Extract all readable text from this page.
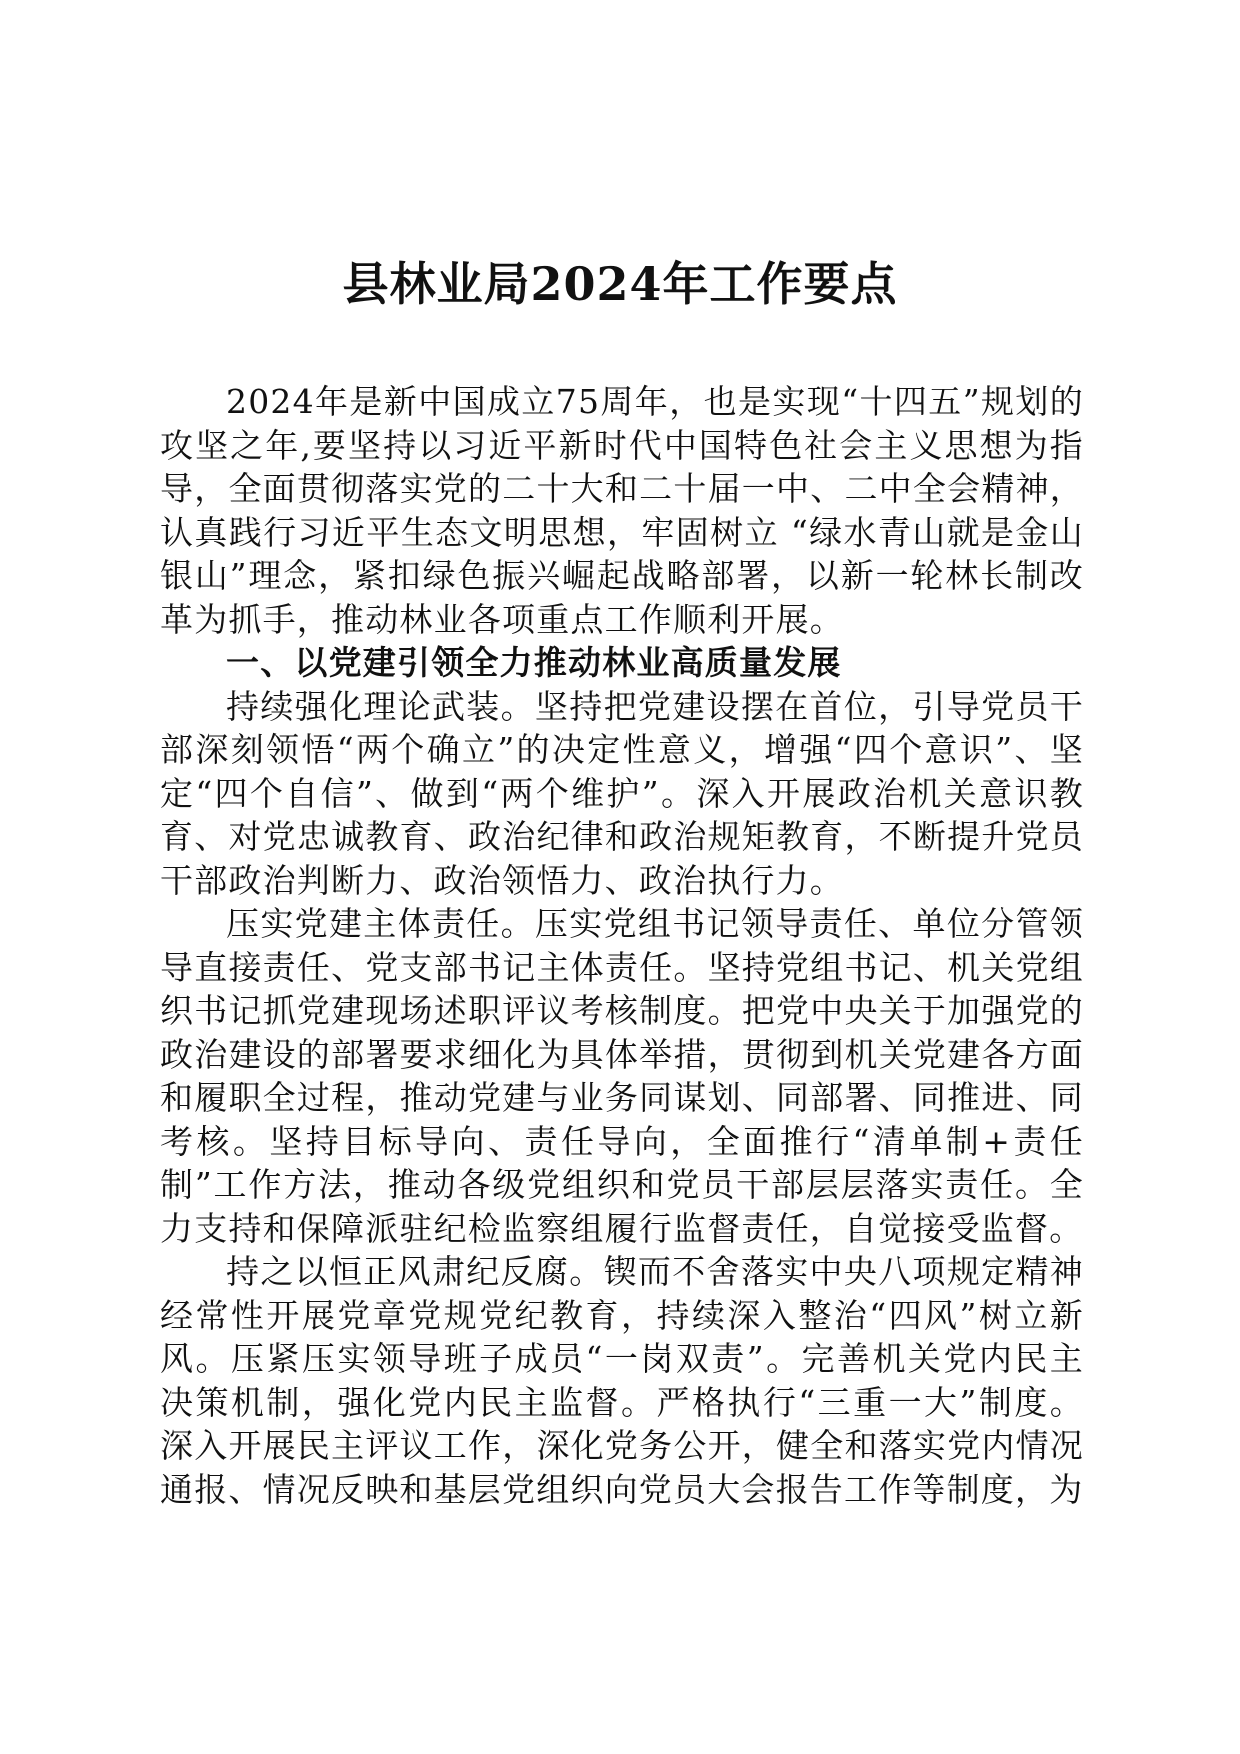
县林业局2024年工作要点

2024年是新中国成立75周年，也是实现“十四五”规划的攻坚之年,要坚持以习近平新时代中国特色社会主义思想为指导，全面贯彻落实党的二十大和二十届一中、二中全会精神，认真践行习近平生态文明思想，牢固树立 “绿水青山就是金山银山”理念，紧扣绿色振兴崛起战略部署，以新一轮林长制改革为抓手，推动林业各项重点工作顺利开展。

一、以党建引领全力推动林业高质量发展

持续强化理论武装。坚持把党建设摆在首位，引导党员干部深刻领悟“两个确立”的决定性意义，增强“四个意识”、坚定“四个自信”、做到“两个维护”。深入开展政治机关意识教育、对党忠诚教育、政治纪律和政治规矩教育，不断提升党员干部政治判断力、政治领悟力、政治执行力。

压实党建主体责任。压实党组书记领导责任、单位分管领导直接责任、党支部书记主体责任。坚持党组书记、机关党组织书记抓党建现场述职评议考核制度。把党中央关于加强党的政治建设的部署要求细化为具体举措，贯彻到机关党建各方面和履职全过程，推动党建与业务同谋划、同部署、同推进、同考核。坚持目标导向、责任导向，全面推行“清单制+责任制”工作方法，推动各级党组织和党员干部层层落实责任。全力支持和保障派驻纪检监察组履行监督责任，自觉接受监督。

持之以恒正风肃纪反腐。锲而不舍落实中央八项规定精神经常性开展党章党规党纪教育，持续深入整治“四风”树立新风。压紧压实领导班子成员“一岗双责”。完善机关党内民主决策机制，强化党内民主监督。严格执行“三重一大”制度。深入开展民主评议工作，深化党务公开，健全和落实党内情况通报、情况反映和基层党组织向党员大会报告工作等制度，为
